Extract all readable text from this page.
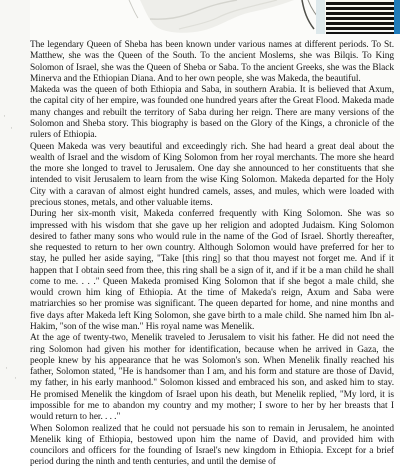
·
·
·
·

The legendary Queen of Sheba has been known under various names at different periods. To St. Matthew, she was the Queen of the South. To the ancient Moslems, she was Bilqis. To King Solomon of Israel, she was the Queen of Sheba or Saba. To the ancient Greeks, she was the Black Minerva and the Ethiopian Diana. And to her own people, she was Makeda, the beautiful.

Makeda was the queen of both Ethiopia and Saba, in southern Arabia. It is believed that Axum, the capital city of her empire, was founded one hundred years after the Great Flood. Makeda made many changes and rebuilt the territory of Saba during her reign. There are many versions of the Solomon and Sheba story. This biography is based on the Glory of the Kings, a chronicle of the rulers of Ethiopia.

Queen Makeda was very beautiful and exceedingly rich. She had heard a great deal about the wealth of Israel and the wisdom of King Solomon from her royal merchants. The more she heard the more she longed to travel to Jerusalem. One day she announced to her constituents that she intended to visit Jerusalem to learn from the wise King Solomon. Makeda departed for the Holy City with a caravan of almost eight hundred camels, asses, and mules, which were loaded with precious stones, metals, and other valuable items.

During her six-month visit, Makeda conferred frequently with King Solomon. She was so impressed with his wisdom that she gave up her religion and adopted Judaism. King Solomon desired to father many sons who would rule in the name of the God of Israel. Shortly thereafter, she requested to return to her own country. Although Solomon would have preferred for her to stay, he pulled her aside saying, "Take [this ring] so that thou mayest not forget me. And if it happen that I obtain seed from thee, this ring shall be a sign of it, and if it be a man child he shall come to me. . . ." Queen Makeda promised King Solomon that if she begot a male child, she would crown him king of Ethiopia. At the time of Makeda's reign, Axum and Saba were matriarchies so her promise was significant. The queen departed for home, and nine months and five days after Makeda left King Solomon, she gave birth to a male child. She named him Ibn al-Hakim, "son of the wise man." His royal name was Menelik.

At the age of twenty-two, Menelik traveled to Jerusalem to visit his father. He did not need the ring Solomon had given his mother for identification, because when he arrived in Gaza, the people knew by his appearance that he was Solomon's son. When Menelik finally reached his father, Solomon stated, "He is handsomer than I am, and his form and stature are those of David, my father, in his early manhood." Solomon kissed and embraced his son, and asked him to stay. He promised Menelik the kingdom of Israel upon his death, but Menelik replied, "My lord, it is impossible for me to abandon my country and my mother; I swore to her by her breasts that I would return to her. . . ."

When Solomon realized that he could not persuade his son to remain in Jerusalem, he anointed Menelik king of Ethiopia, bestowed upon him the name of David, and provided him with councilors and officers for the founding of Israel's new kingdom in Ethiopia. Except for a brief period during the ninth and tenth centuries, and until the demise of
